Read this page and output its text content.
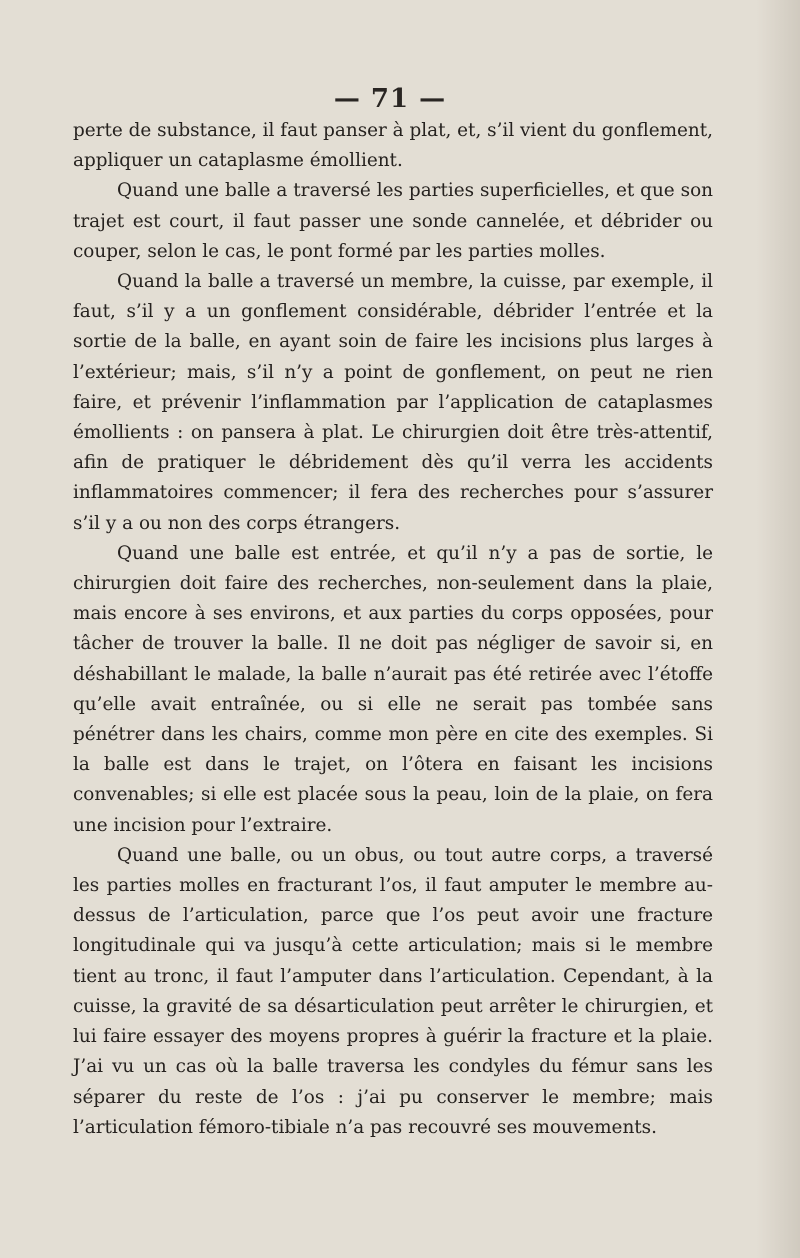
— 71 —

perte de substance, il faut panser à plat, et, s’il vient du gonflement, appliquer un cataplasme émollient.

Quand une balle a traversé les parties superficielles, et que son trajet est court, il faut passer une sonde cannelée, et débrider ou couper, selon le cas, le pont formé par les parties molles.

Quand la balle a traversé un membre, la cuisse, par exemple, il faut, s’il y a un gonflement considérable, débrider l’entrée et la sortie de la balle, en ayant soin de faire les incisions plus larges à l’extérieur; mais, s’il n’y a point de gonflement, on peut ne rien faire, et prévenir l’inflammation par l’application de cataplasmes émollients : on pansera à plat. Le chirurgien doit être très-attentif, afin de pratiquer le débridement dès qu’il verra les accidents inflammatoires commencer; il fera des recherches pour s’assurer s’il y a ou non des corps étrangers.

Quand une balle est entrée, et qu’il n’y a pas de sortie, le chirurgien doit faire des recherches, non-seulement dans la plaie, mais encore à ses environs, et aux parties du corps opposées, pour tâcher de trouver la balle. Il ne doit pas négliger de savoir si, en déshabillant le malade, la balle n’aurait pas été retirée avec l’étoffe qu’elle avait entraînée, ou si elle ne serait pas tombée sans pénétrer dans les chairs, comme mon père en cite des exemples. Si la balle est dans le trajet, on l’ôtera en faisant les incisions convenables; si elle est placée sous la peau, loin de la plaie, on fera une incision pour l’extraire.

Quand une balle, ou un obus, ou tout autre corps, a traversé les parties molles en fracturant l’os, il faut amputer le membre au-dessus de l’articulation, parce que l’os peut avoir une fracture longitudinale qui va jusqu’à cette articulation; mais si le membre tient au tronc, il faut l’amputer dans l’articulation. Cependant, à la cuisse, la gravité de sa désarticulation peut arrêter le chirurgien, et lui faire essayer des moyens propres à guérir la fracture et la plaie. J’ai vu un cas où la balle traversa les condyles du fémur sans les séparer du reste de l’os : j’ai pu conserver le membre; mais l’articulation fémoro-tibiale n’a pas recouvré ses mouvements.
